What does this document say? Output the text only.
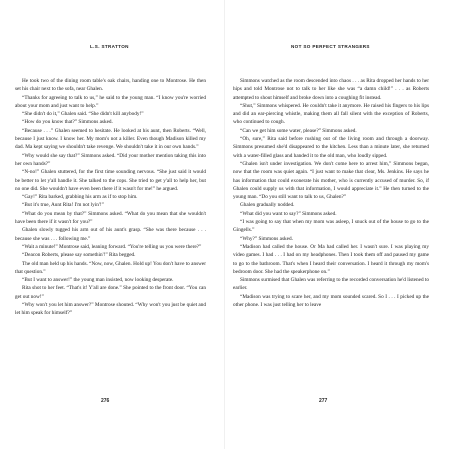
L.S. STRATTON

He took two of the dining room table's oak chairs, handing one to Montrose. He then set his chair next to the sofa, near Ghalen.

“Thanks for agreeing to talk to us,” he said to the young man. “I know you're worried about your mom and just want to help.”

“She didn't do it,” Ghalen said. “She didn't kill anybody!”

“How do you know that?” Simmons asked.

“Because . . .” Ghalen seemed to hesitate. He looked at his aunt, then Roberts. “Well, because I just know. I know her. My mom's not a killer. Even though Madison killed my dad. Ma kept saying we shouldn't take revenge. We shouldn't take it in our own hands.”

“Why would she say that?” Simmons asked. “Did your mother mention taking this into her own hands?”

“N-no!” Ghalen stuttered, for the first time sounding nervous. “She just said it would be better to let y'all handle it. She talked to the cops. She tried to get y'all to help her, but no one did. She wouldn't have even been there if it wasn't for me!” he argued.

“Gay!” Rita barked, grabbing his arm as if to stop him.

“But it's true, Aunt Rita! I'm not lyin'!”

“What do you mean by that?” Simmons asked. “What do you mean that she wouldn't have been there if it wasn't for you?”

Ghalen slowly tugged his arm out of his aunt's grasp. “She was there because . . . because she was . . . following me.”

“Wait a minute!” Montrose said, leaning forward. “You're telling us you were there?”

“Deacon Roberts, please say somethin'!” Rita begged.

The old man held up his hands. “Now, now, Ghalen. Hold up! You don't have to answer that question.”

“But I want to answer!” the young man insisted, now looking desperate.

Rita shot to her feet. “That's it! Y'all are done.” She pointed to the front door. “You can get out now!”

“Why won't you let him answer?” Montrose shouted. “Why won't you just be quiet and let him speak for himself?”

276
NOT SO PERFECT STRANGERS

Simmons watched as the room descended into chaos . . . as Rita dropped her hands to her hips and told Montrose not to talk to her like she was “a damn child!” . . . as Roberts attempted to shout himself and broke down into a coughing fit instead.

“Shut,” Simmons whispered. He couldn't take it anymore. He raised his fingers to his lips and did an ear-piercing whistle, making them all fall silent with the exception of Roberts, who continued to cough.

“Can we get him some water, please?” Simmons asked.

“Oh, sure,” Rita said before rushing out of the living room and through a doorway. Simmons presumed she'd disappeared to the kitchen. Less than a minute later, she returned with a water-filled glass and handed it to the old man, who loudly sipped.

“Ghalen isn't under investigation. We don't come here to arrest him,” Simmons began, now that the room was quiet again. “I just want to make that clear, Ms. Jenkins. He says he has information that could exonerate his mother, who is currently accused of murder. So, if Ghalen could supply us with that information, I would appreciate it.” He then turned to the young man. “Do you still want to talk to us, Ghalen?”

Ghalen gradually nodded.

“What did you want to say?” Simmons asked.

“I was going to say that when my mom was asleep, I snuck out of the house to go to the Gingells.”

“Why?” Simmons asked.

“Madison had called the house. Or Ma had called her. I wasn't sure. I was playing my video games. I had . . . I had on my headphones. Then I took them off and paused my game to go to the bathroom. That's when I heard their conversation. I heard it through my mom's bedroom door. She had the speakerphone on.”

Simmons surmised that Ghalen was referring to the recorded conversation he'd listened to earlier.

“Madison was trying to scare her, and my mom sounded scared. So I . . . I picked up the other phone. I was just telling her to leave

277
